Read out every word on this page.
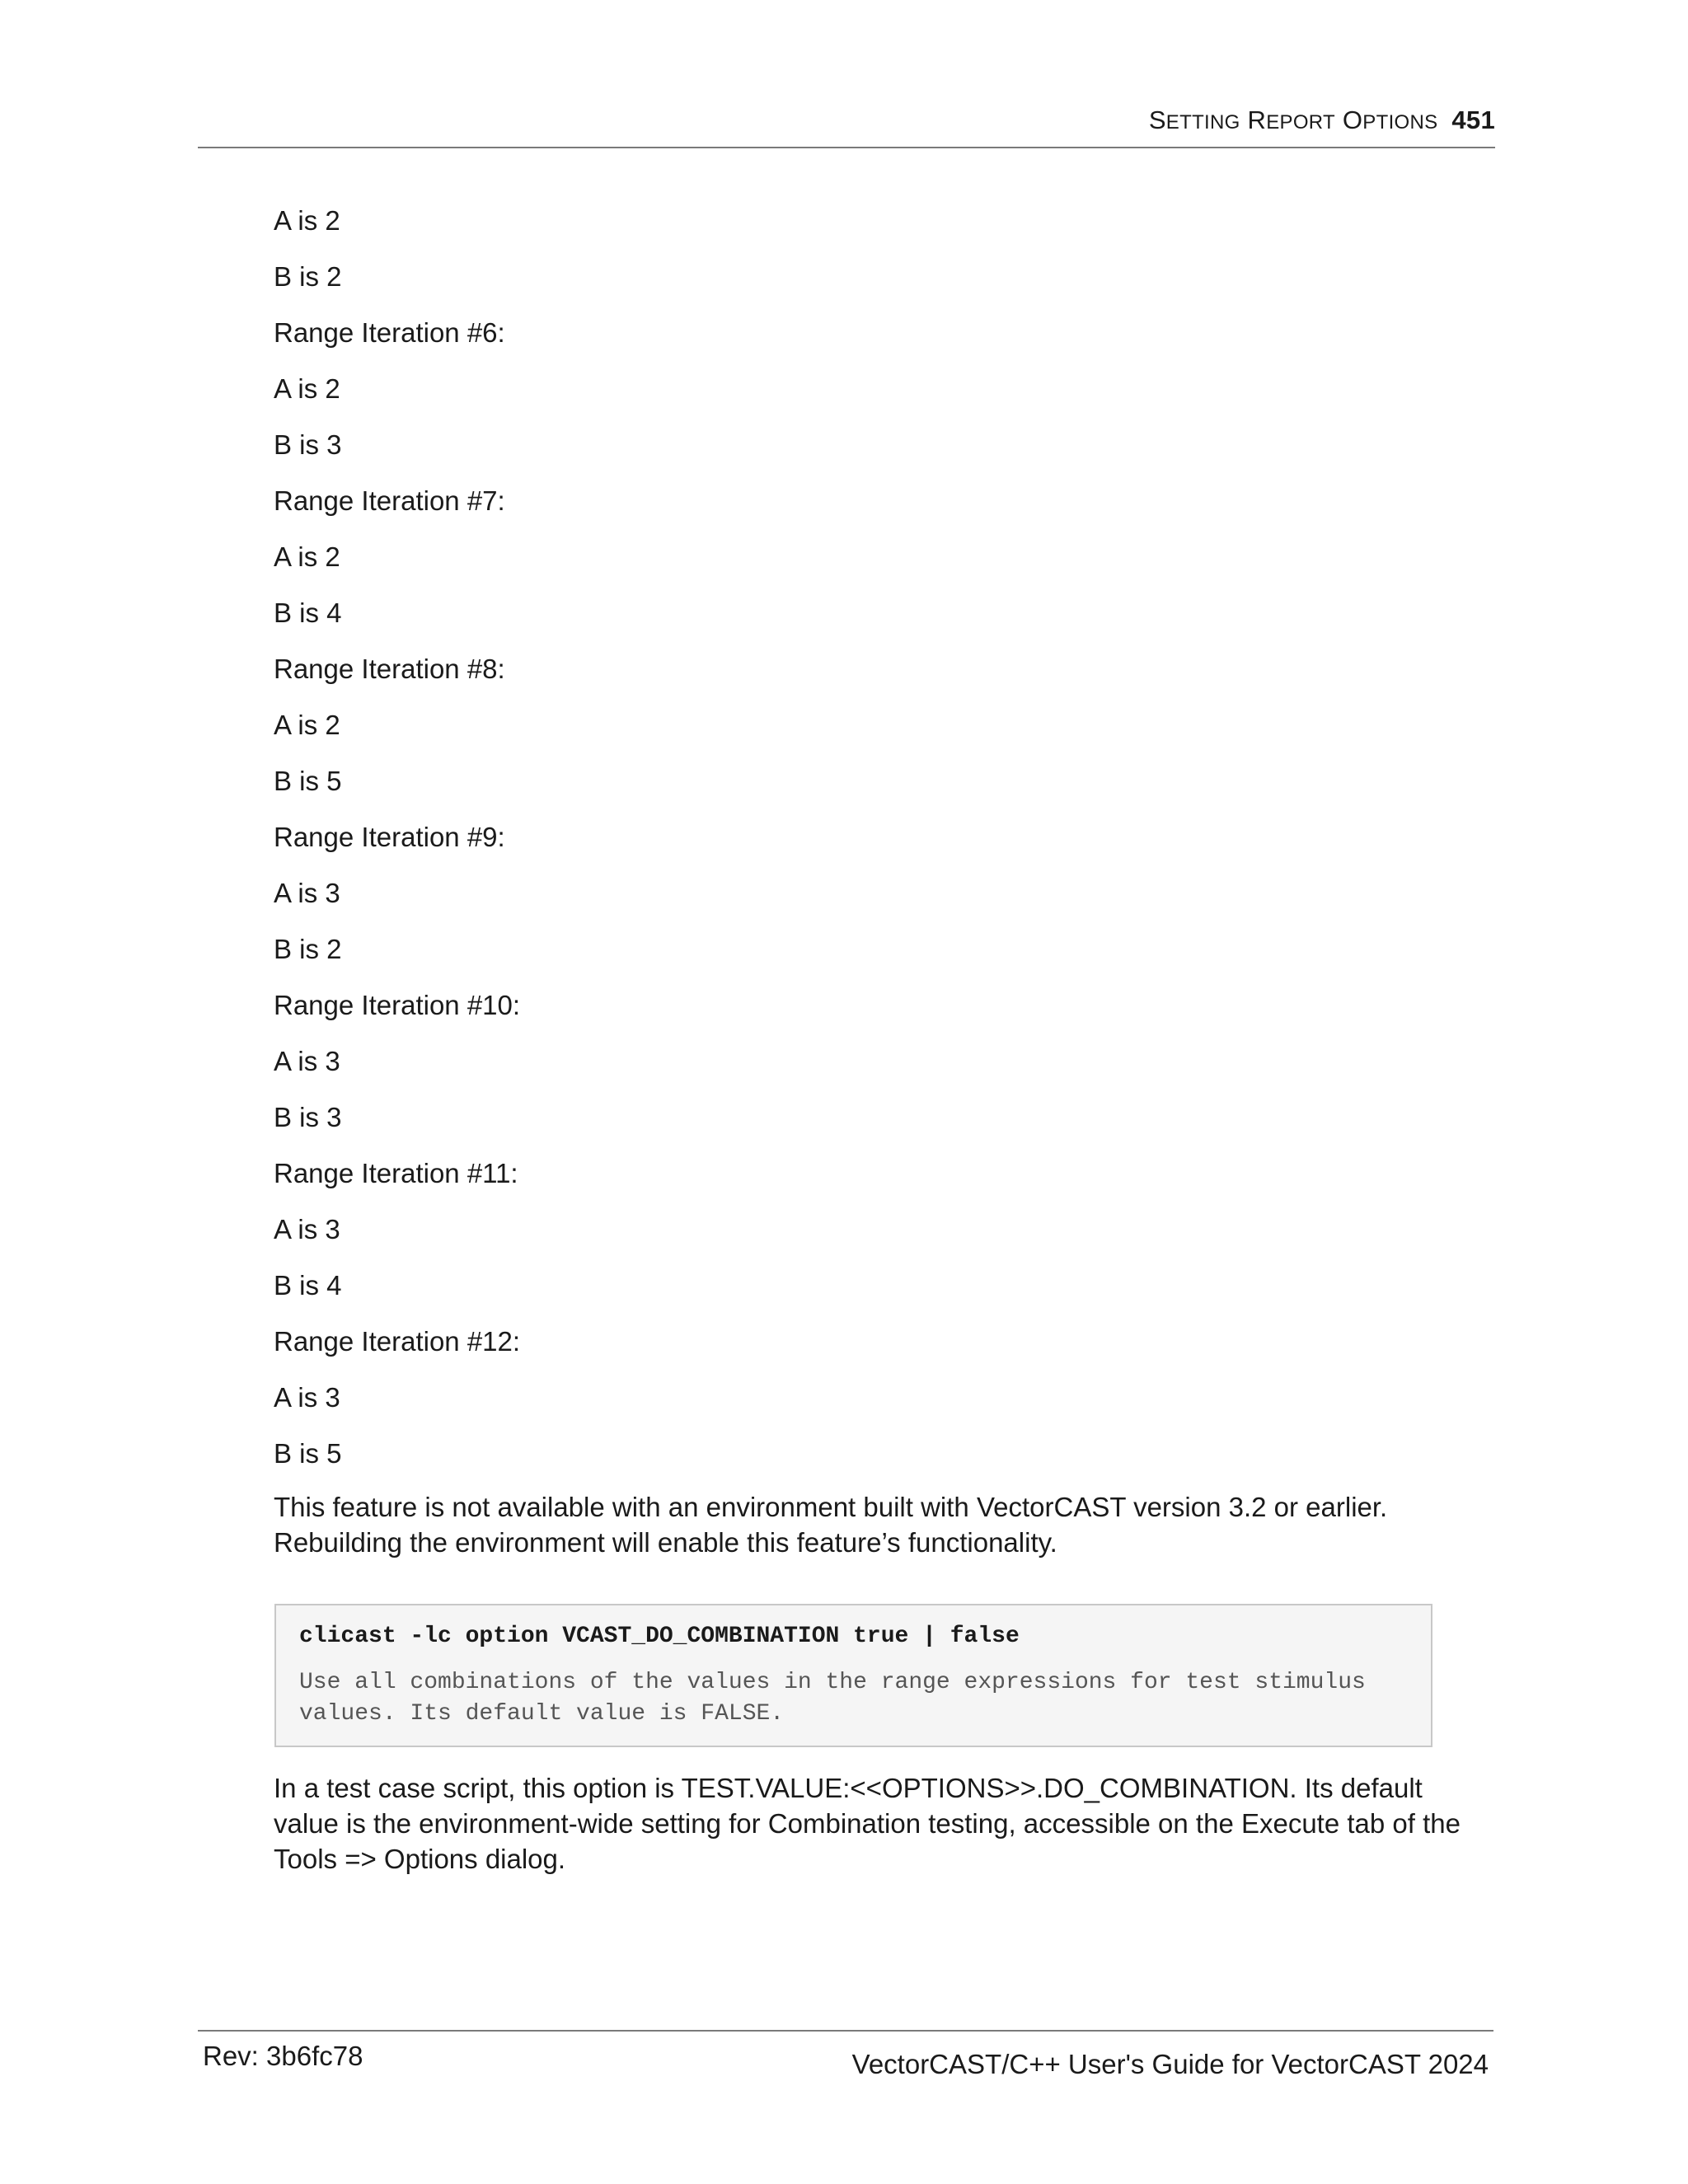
SETTING REPORT OPTIONS 451
A is 2
B is 2
Range Iteration #6:
A is 2
B is 3
Range Iteration #7:
A is 2
B is 4
Range Iteration #8:
A is 2
B is 5
Range Iteration #9:
A is 3
B is 2
Range Iteration #10:
A is 3
B is 3
Range Iteration #11:
A is 3
B is 4
Range Iteration #12:
A is 3
B is 5

This feature is not available with an environment built with VectorCAST version 3.2 or earlier. Rebuilding the environment will enable this feature’s functionality.

clicast -lc option VCAST_DO_COMBINATION true | false

Use all combinations of the values in the range expressions for test stimulus values. Its default value is FALSE.

In a test case script, this option is TEST.VALUE:<<OPTIONS>>.DO_COMBINATION. Its default value is the environment-wide setting for Combination testing, accessible on the Execute tab of the Tools => Options dialog.

Rev: 3b6fc78	VectorCAST/C++ User's Guide for VectorCAST 2024
